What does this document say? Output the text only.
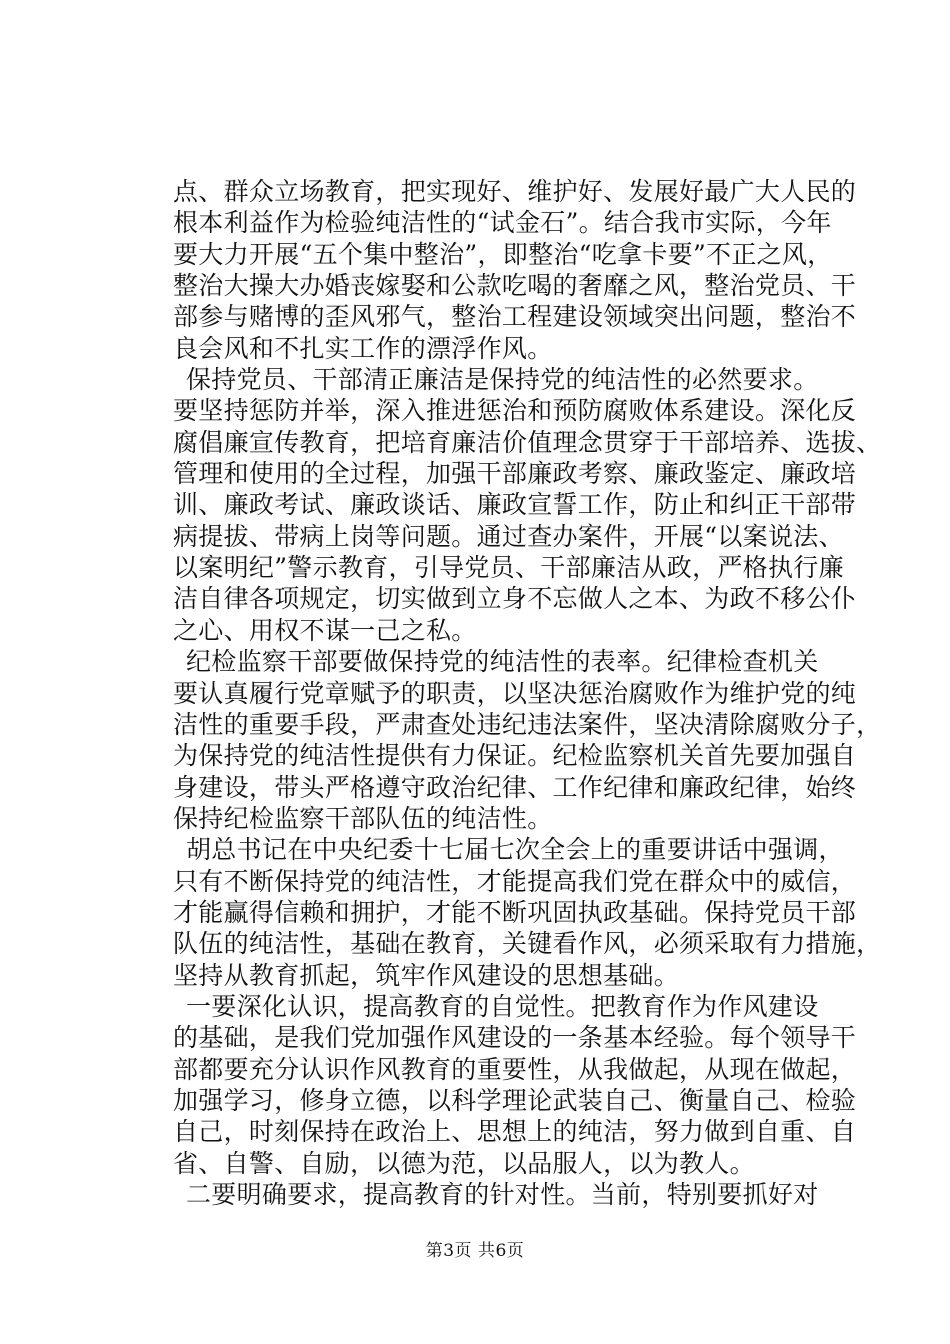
点、群众立场教育，把实现好、维护好、发展好最广大人民的
根本利益作为检验纯洁性的“试金石”。结合我市实际，今年
要大力开展“五个集中整治”，即整治“吃拿卡要”不正之风，
整治大操大办婚丧嫁娶和公款吃喝的奢靡之风，整治党员、干
部参与赌博的歪风邪气，整治工程建设领域突出问题，整治不
良会风和不扎实工作的漂浮作风。
保持党员、干部清正廉洁是保持党的纯洁性的必然要求。
要坚持惩防并举，深入推进惩治和预防腐败体系建设。深化反
腐倡廉宣传教育，把培育廉洁价值理念贯穿于干部培养、选拔、
管理和使用的全过程，加强干部廉政考察、廉政鉴定、廉政培
训、廉政考试、廉政谈话、廉政宣誓工作，防止和纠正干部带
病提拔、带病上岗等问题。通过查办案件，开展“以案说法、
以案明纪”警示教育，引导党员、干部廉洁从政，严格执行廉
洁自律各项规定，切实做到立身不忘做人之本、为政不移公仆
之心、用权不谋一己之私。
纪检监察干部要做保持党的纯洁性的表率。纪律检查机关
要认真履行党章赋予的职责，以坚决惩治腐败作为维护党的纯
洁性的重要手段，严肃查处违纪违法案件，坚决清除腐败分子，
为保持党的纯洁性提供有力保证。纪检监察机关首先要加强自
身建设，带头严格遵守政治纪律、工作纪律和廉政纪律，始终
保持纪检监察干部队伍的纯洁性。
胡总书记在中央纪委十七届七次全会上的重要讲话中强调，
只有不断保持党的纯洁性，才能提高我们党在群众中的威信，
才能赢得信赖和拥护，才能不断巩固执政基础。保持党员干部
队伍的纯洁性，基础在教育，关键看作风，必须采取有力措施，
坚持从教育抓起，筑牢作风建设的思想基础。
一要深化认识，提高教育的自觉性。把教育作为作风建设
的基础，是我们党加强作风建设的一条基本经验。每个领导干
部都要充分认识作风教育的重要性，从我做起，从现在做起，
加强学习，修身立德，以科学理论武装自己、衡量自己、检验
自己，时刻保持在政治上、思想上的纯洁，努力做到自重、自
省、自警、自励，以德为范，以品服人，以为教人。
二要明确要求，提高教育的针对性。当前，特别要抓好对
第3页 共6页
